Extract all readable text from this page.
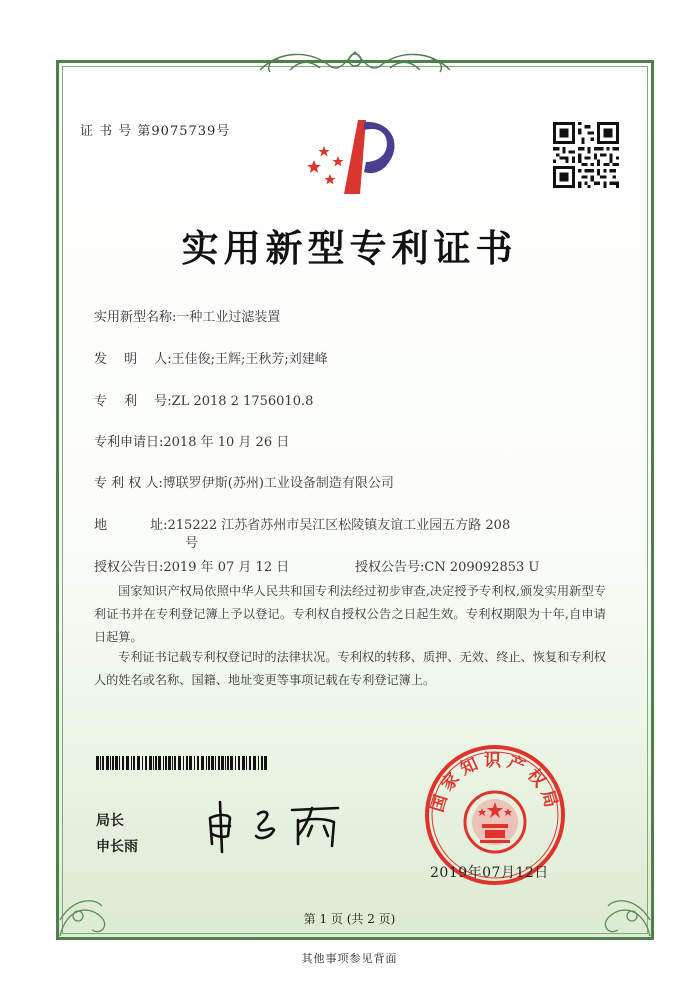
证 书 号 第9075739号
实用新型专利证书
实用新型名称:一种工业过滤装置
发　 明　 人:王佳俊;王辉;王秋芳;刘建峰
专　 利　 号:ZL 2018 2 1756010.8
专利申请日:2018 年 10 月 26 日
专 利 权 人:博联罗伊斯(苏州)工业设备制造有限公司
地　　　 址:215222 江苏省苏州市吴江区松陵镇友谊工业园五方路 208
号
授权公告日:2019 年 07 月 12 日	授权公告号:CN 209092853 U
国家知识产权局依照中华人民共和国专利法经过初步审查,决定授予专利权,颁发实用新型专利证书并在专利登记簿上予以登记。专利权自授权公告之日起生效。专利权期限为十年,自申请日起算。
专利证书记载专利权登记时的法律状况。专利权的转移、质押、无效、终止、恢复和专利权人的姓名或名称、国籍、地址变更等事项记载在专利登记簿上。
局长
申长雨
国家知识产权局
2019年07月12日
第 1 页 (共 2 页)
其他事项参见背面
